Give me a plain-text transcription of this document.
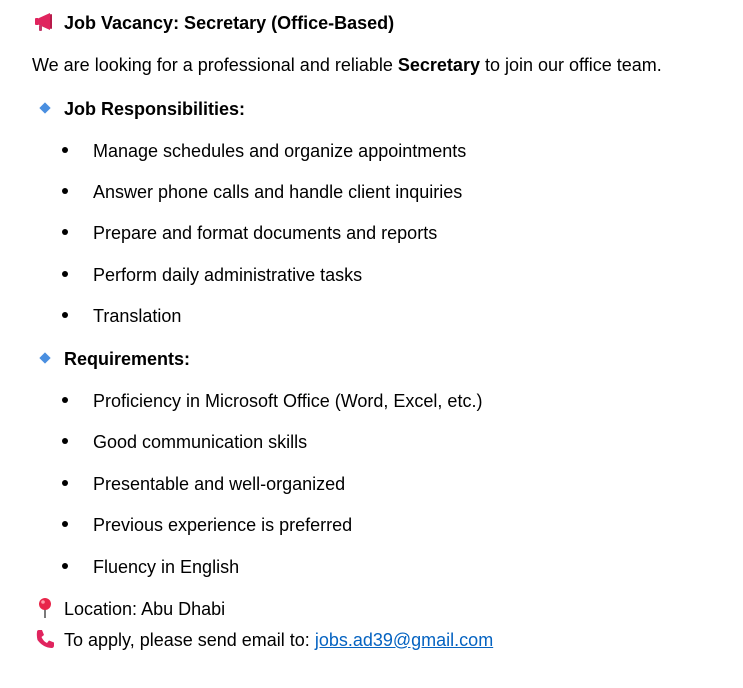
Job Vacancy: Secretary (Office-Based)
We are looking for a professional and reliable Secretary to join our office team.
Job Responsibilities:
Manage schedules and organize appointments
Answer phone calls and handle client inquiries
Prepare and format documents and reports
Perform daily administrative tasks
Translation
Requirements:
Proficiency in Microsoft Office (Word, Excel, etc.)
Good communication skills
Presentable and well-organized
Previous experience is preferred
Fluency in English
Location: Abu Dhabi
To apply, please send email to: jobs.ad39@gmail.com
